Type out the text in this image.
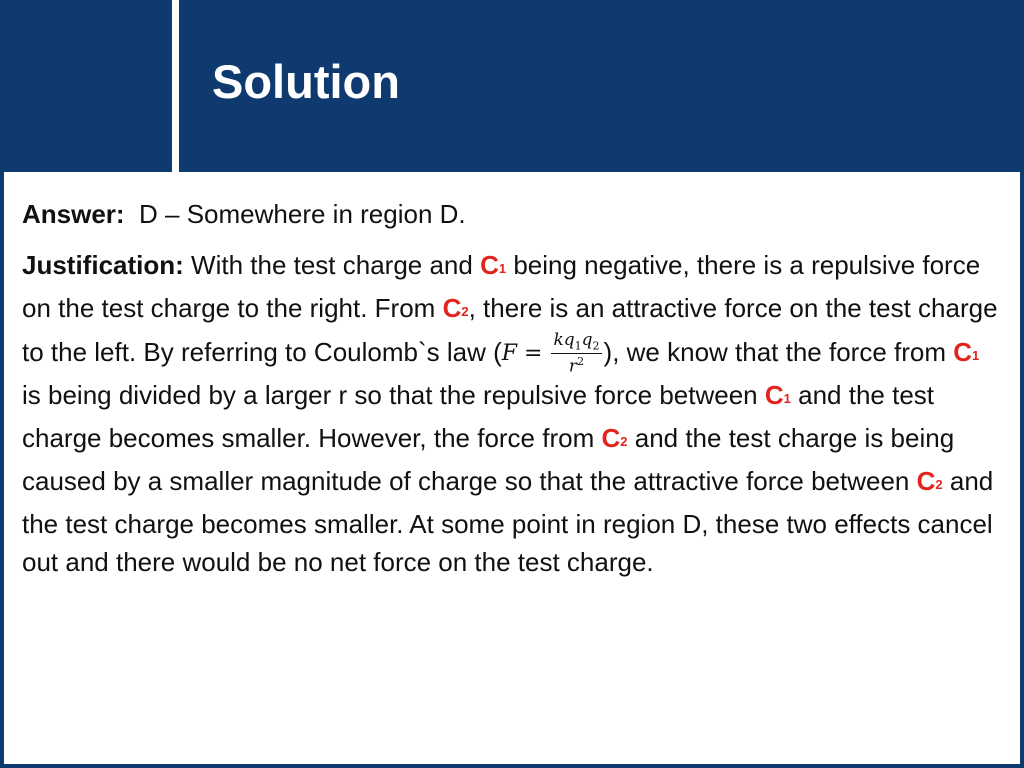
Solution

Answer: D – Somewhere in region D.

Justification: With the test charge and C1 being negative, there is a repulsive force on the test charge to the right. From C2, there is an attractive force on the test charge to the left. By referring to Coulomb`s law ($F = \frac{kq_1q_2}{r^2}$ ), we know that the force from C1 is being divided by a larger r so that the repulsive force between C1 and the test charge becomes smaller. However, the force from C2 and the test charge is being caused by a smaller magnitude of charge so that the attractive force between C2 and the test charge becomes smaller. At some point in region D, these two effects cancel out and there would be no net force on the test charge.
